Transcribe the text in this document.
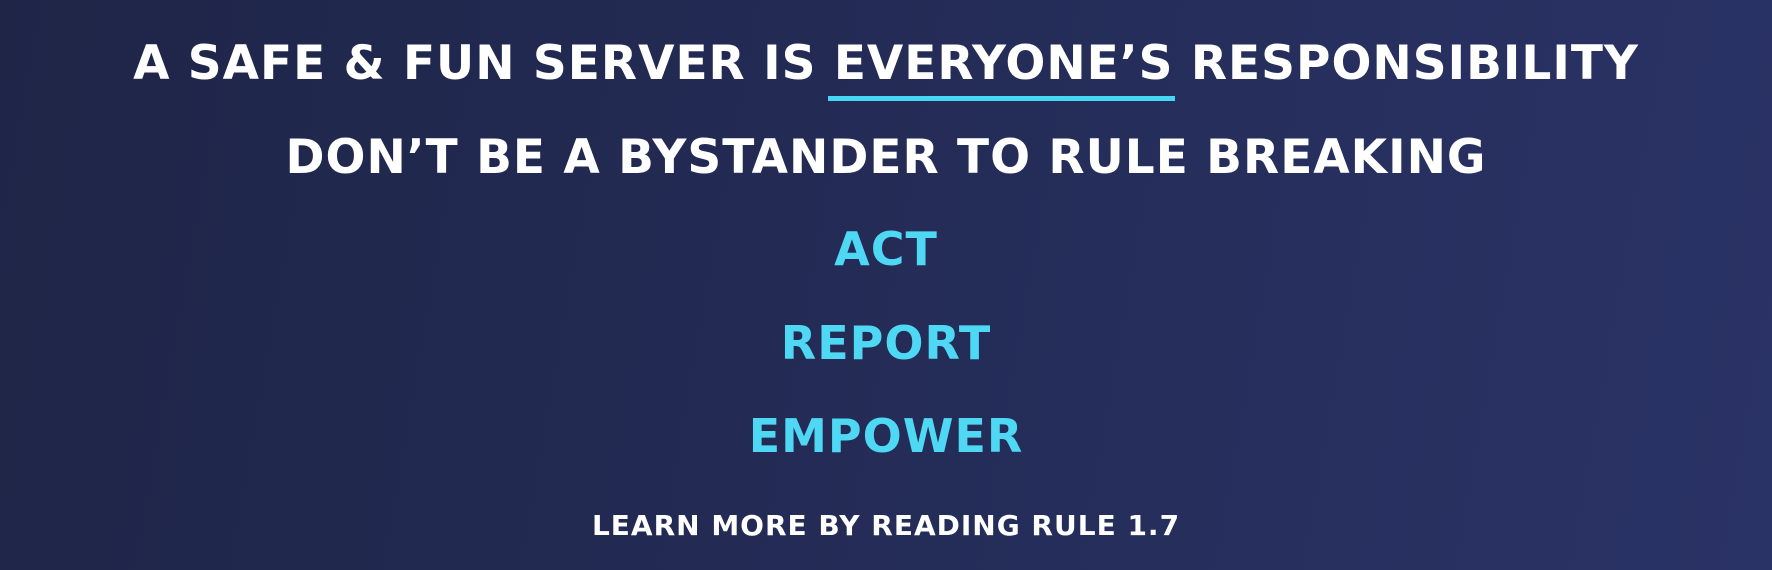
A SAFE & FUN SERVER IS EVERYONE’S RESPONSIBILITY
DON’T BE A BYSTANDER TO RULE BREAKING
ACT
REPORT
EMPOWER
LEARN MORE BY READING RULE 1.7
